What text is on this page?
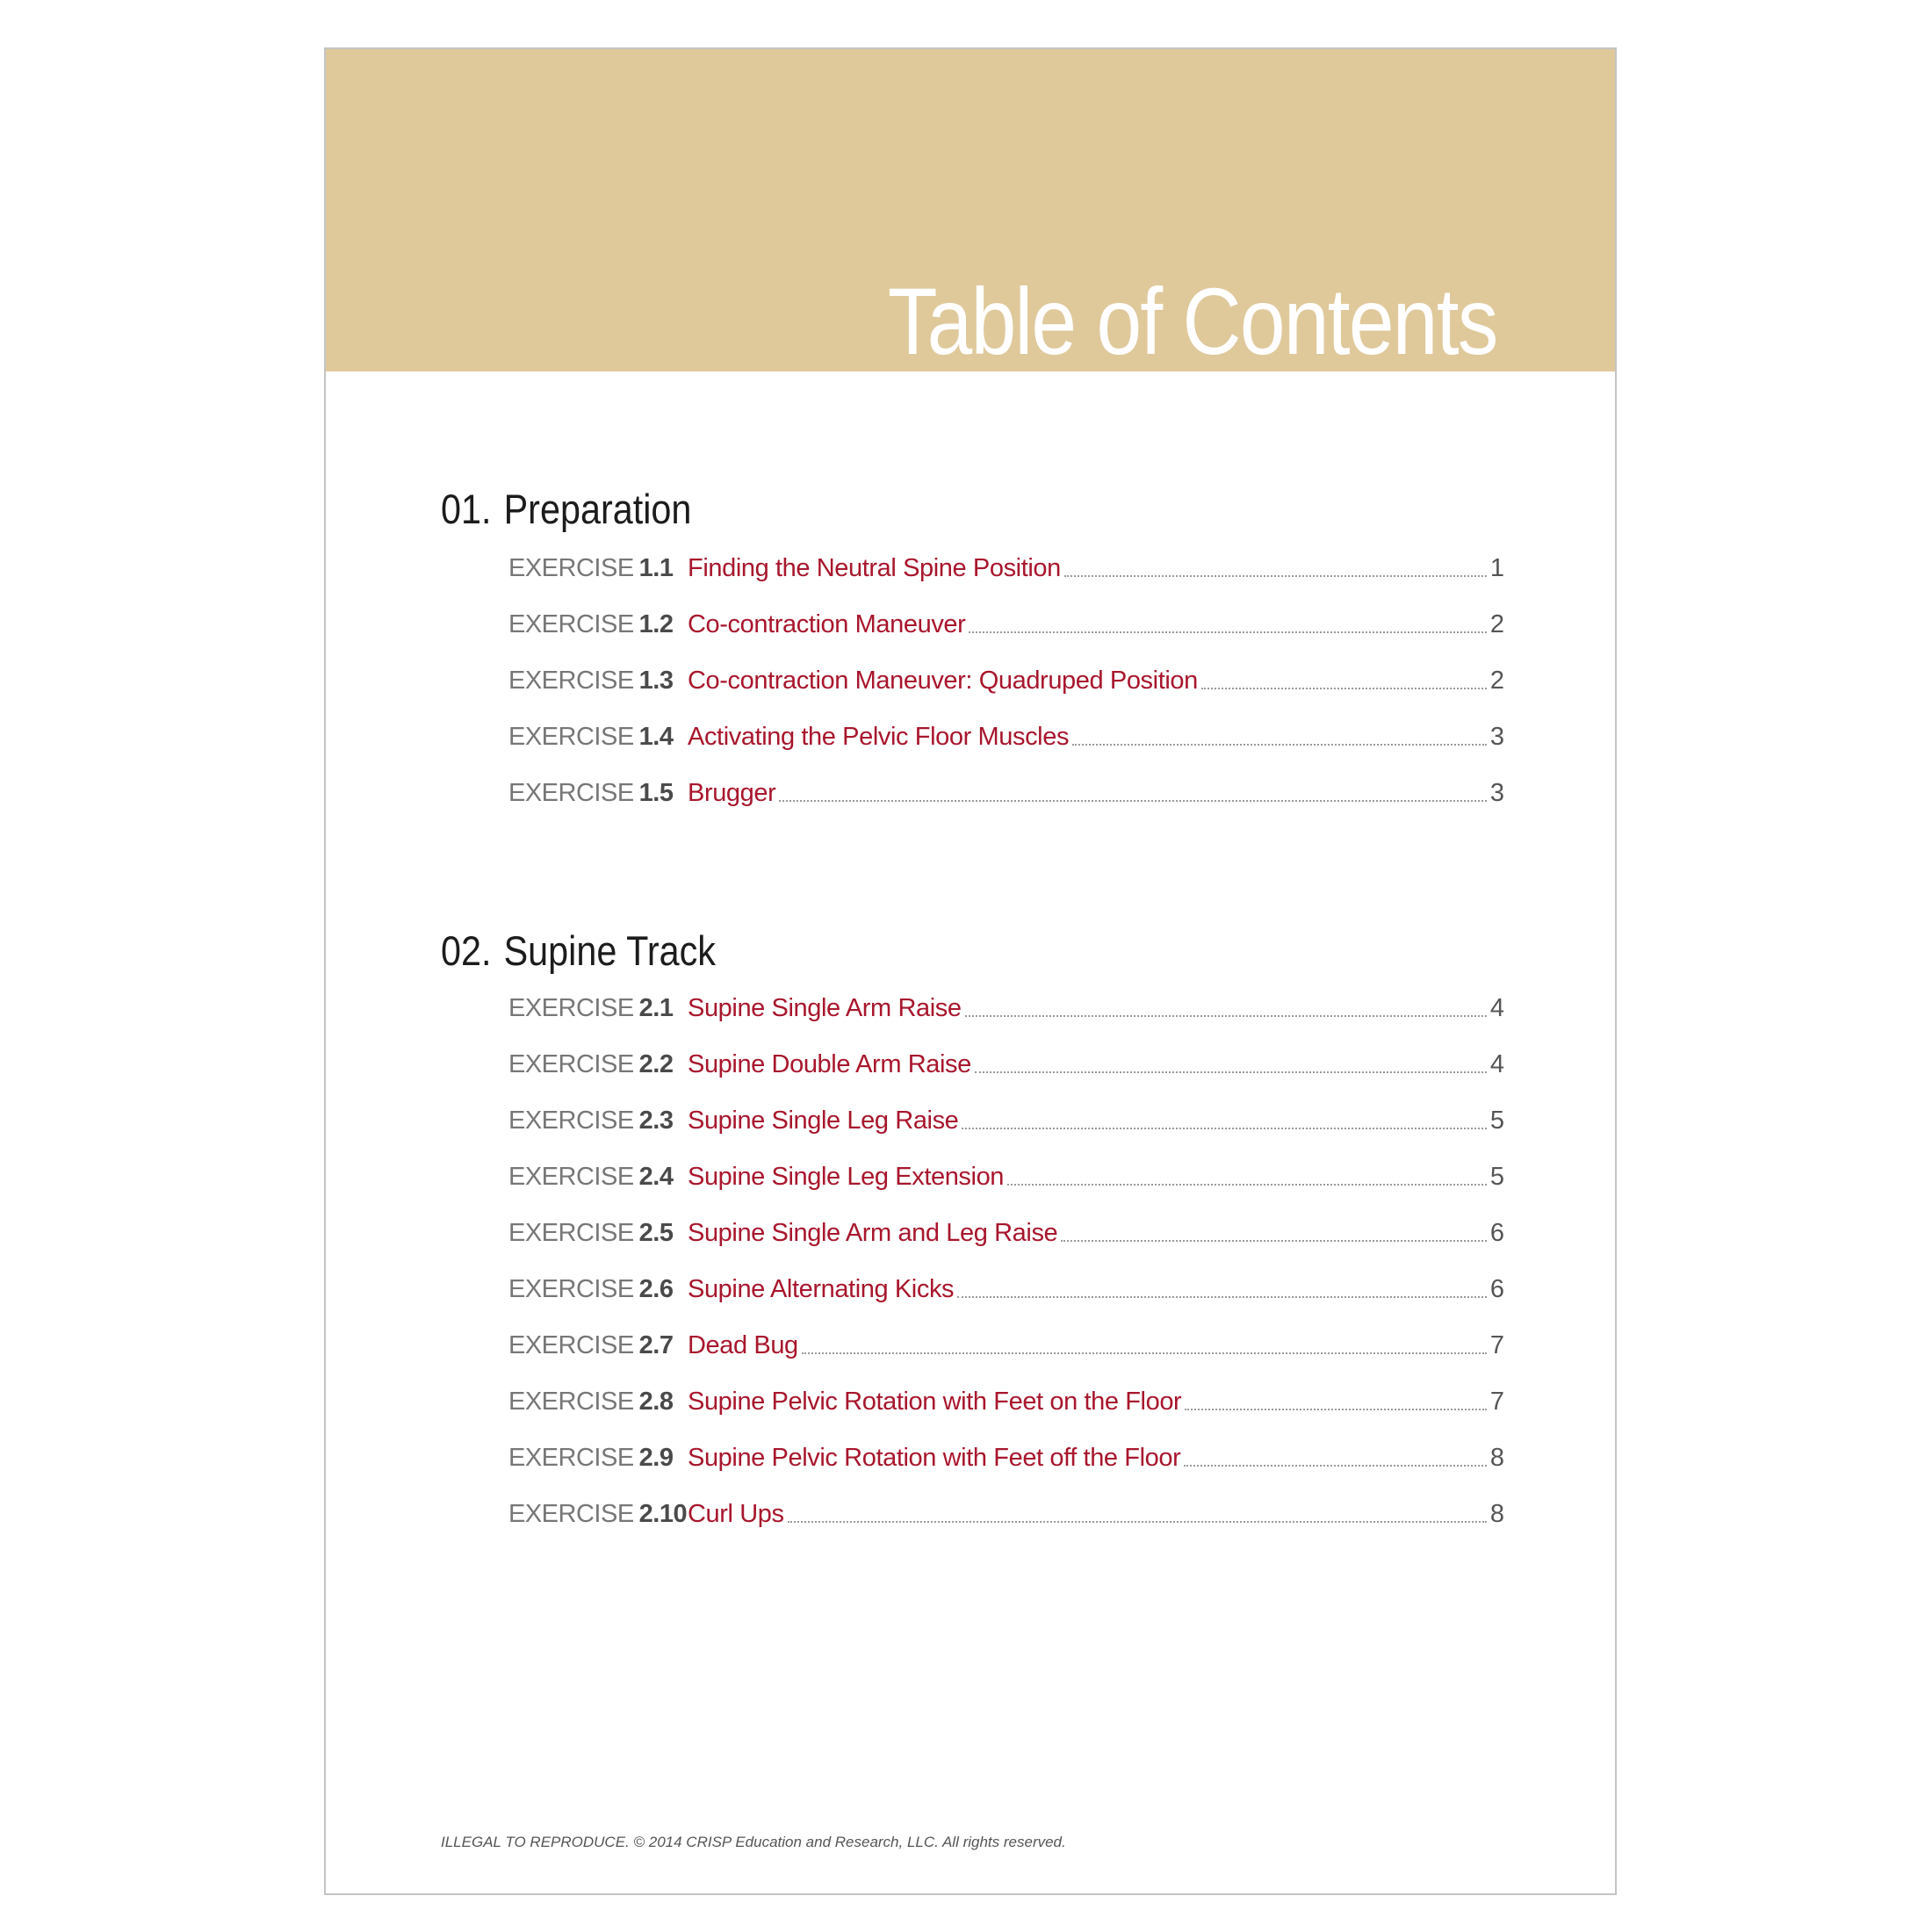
Table of Contents
01. Preparation
EXERCISE 1.1 Finding the Neutral Spine Position	1
EXERCISE 1.2 Co-contraction Maneuver	2
EXERCISE 1.3 Co-contraction Maneuver: Quadruped Position	2
EXERCISE 1.4 Activating the Pelvic Floor Muscles	3
EXERCISE 1.5 Brugger	3
02. Supine Track
EXERCISE 2.1 Supine Single Arm Raise	4
EXERCISE 2.2 Supine Double Arm Raise	4
EXERCISE 2.3 Supine Single Leg Raise	5
EXERCISE 2.4 Supine Single Leg Extension	5
EXERCISE 2.5 Supine Single Arm and Leg Raise	6
EXERCISE 2.6 Supine Alternating Kicks	6
EXERCISE 2.7 Dead Bug	7
EXERCISE 2.8 Supine Pelvic Rotation with Feet on the Floor	7
EXERCISE 2.9 Supine Pelvic Rotation with Feet off the Floor	8
EXERCISE 2.10 Curl Ups	8
ILLEGAL TO REPRODUCE. © 2014 CRISP Education and Research, LLC. All rights reserved.
